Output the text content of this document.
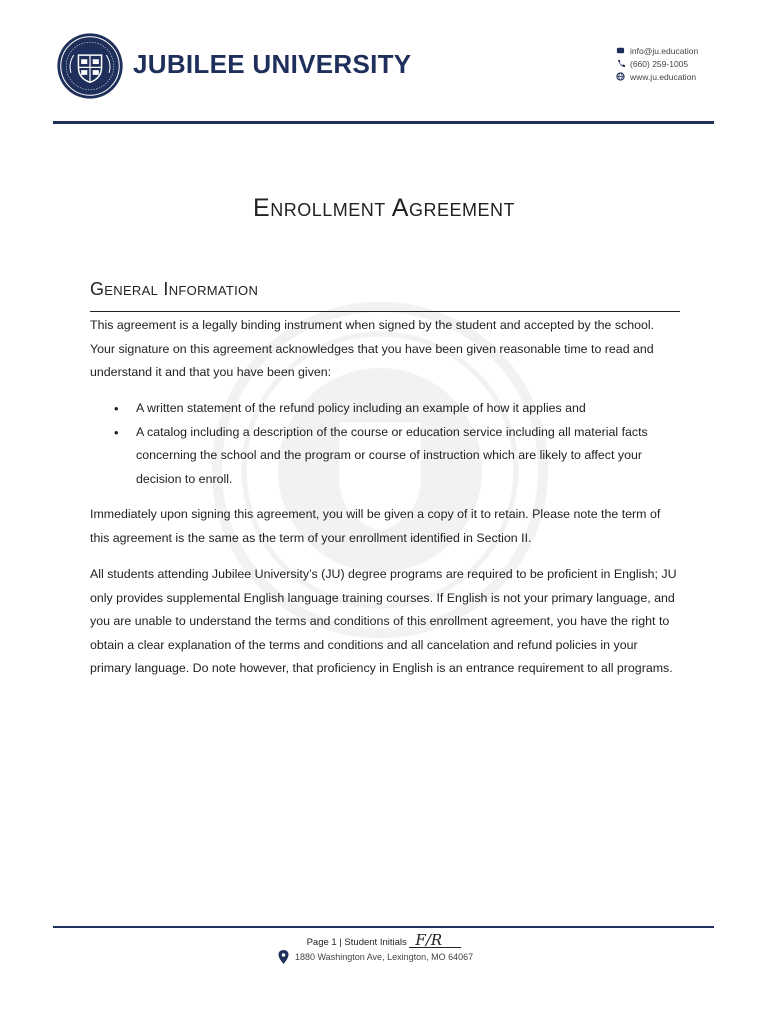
JUBILEE UNIVERSITY	info@ju.education
(660) 259-1005
www.ju.education
Enrollment Agreement
General Information
This agreement is a legally binding instrument when signed by the student and accepted by the school. Your signature on this agreement acknowledges that you have been given reasonable time to read and understand it and that you have been given:
• A written statement of the refund policy including an example of how it applies and
• A catalog including a description of the course or education service including all material facts concerning the school and the program or course of instruction which are likely to affect your decision to enroll.
Immediately upon signing this agreement, you will be given a copy of it to retain. Please note the term of this agreement is the same as the term of your enrollment identified in Section II.
All students attending Jubilee University’s (JU) degree programs are required to be proficient in English; JU only provides supplemental English language training courses. If English is not your primary language, and you are unable to understand the terms and conditions of this enrollment agreement, you have the right to obtain a clear explanation of the terms and conditions and all cancelation and refund policies in your primary language. Do note however, that proficiency in English is an entrance requirement to all programs.
Page 1 | Student Initials F/R
1880 Washington Ave, Lexington, MO 64067
